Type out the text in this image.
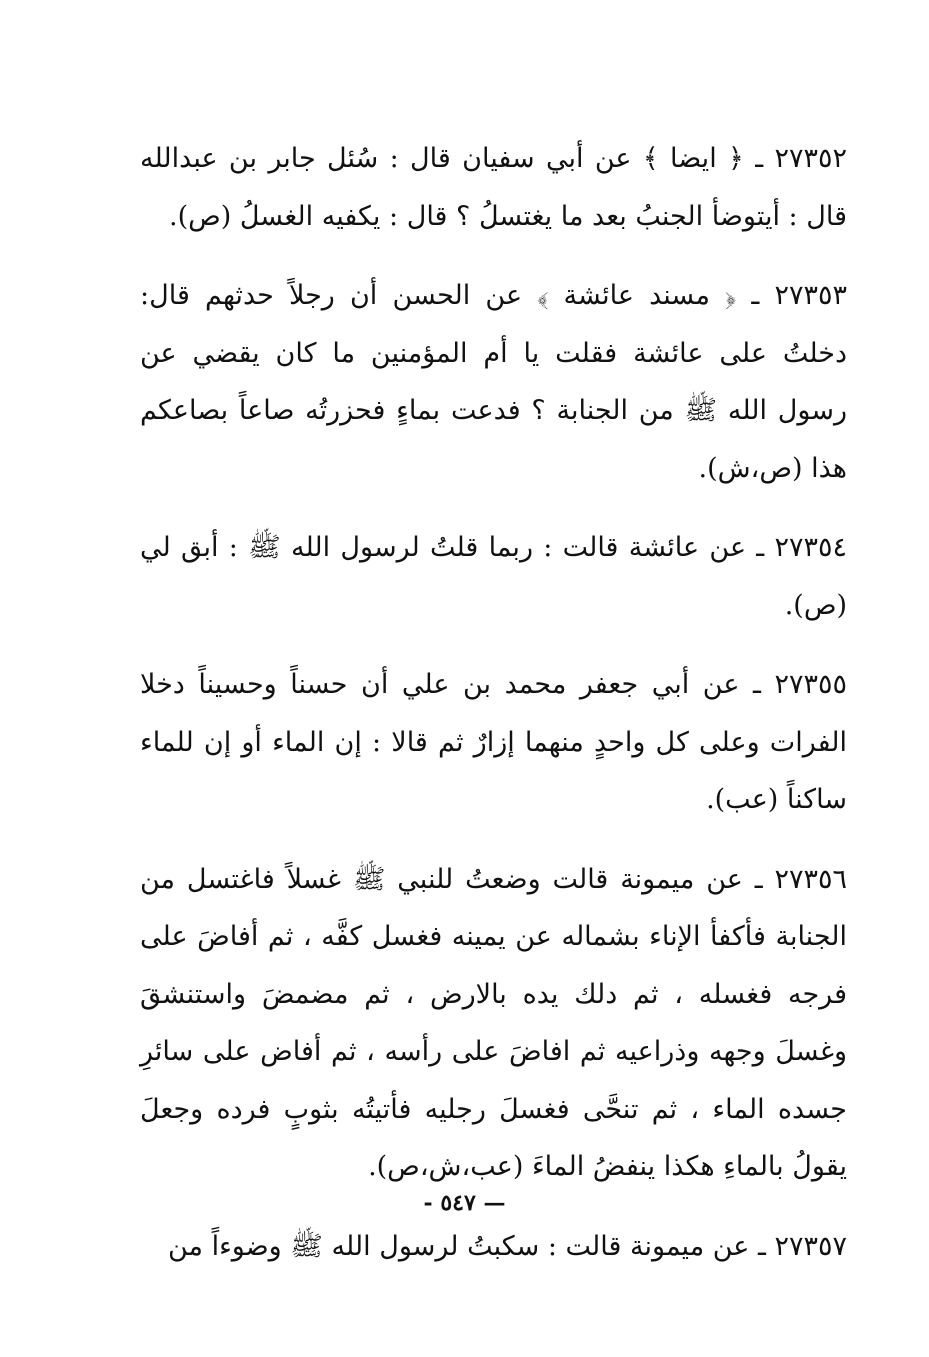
٢٧٣٥٢ ـ ﴿ ايضا ﴾ عن أبي سفيان قال : سُئل جابر بن عبدالله قال : أيتوضأ الجنبُ بعد ما يغتسلُ ؟ قال : يكفيه الغسلُ (ص).

٢٧٣٥٣ ـ ﴿ مسند عائشة ﴾ عن الحسن أن رجلاً حدثهم قال: دخلتُ على عائشة فقلت يا أم المؤمنين ما كان يقضي عن رسول الله ﷺ من الجنابة ؟ فدعت بماءٍ فحزرتُه صاعاً بصاعكم هذا (ص،ش).

٢٧٣٥٤ ـ عن عائشة قالت : ربما قلتُ لرسول الله ﷺ : أبق لي (ص).

٢٧٣٥٥ ـ عن أبي جعفر محمد بن علي أن حسناً وحسيناً دخلا الفرات وعلى كل واحدٍ منهما إزارٌ ثم قالا : إن الماء أو إن للماء ساكناً (عب).

٢٧٣٥٦ ـ عن ميمونة قالت وضعتُ للنبي ﷺ غسلاً فاغتسل من الجنابة فأكفأ الإناء بشماله عن يمينه فغسل كفَّه ، ثم أفاضَ على فرجه فغسله ، ثم دلك يده بالارض ، ثم مضمضَ واستنشقَ وغسلَ وجهه وذراعيه ثم افاضَ على رأسه ، ثم أفاض على سائرِ جسده الماء ، ثم تنحَّى فغسلَ رجليه فأتيتُه بثوبٍ فرده وجعلَ يقولُ بالماءِ هكذا ينفضُ الماءَ (عب،ش،ص).

٢٧٣٥٧ ـ عن ميمونة قالت : سكبتُ لرسول الله ﷺ وضوءاً من

— ٥٤٧ -
